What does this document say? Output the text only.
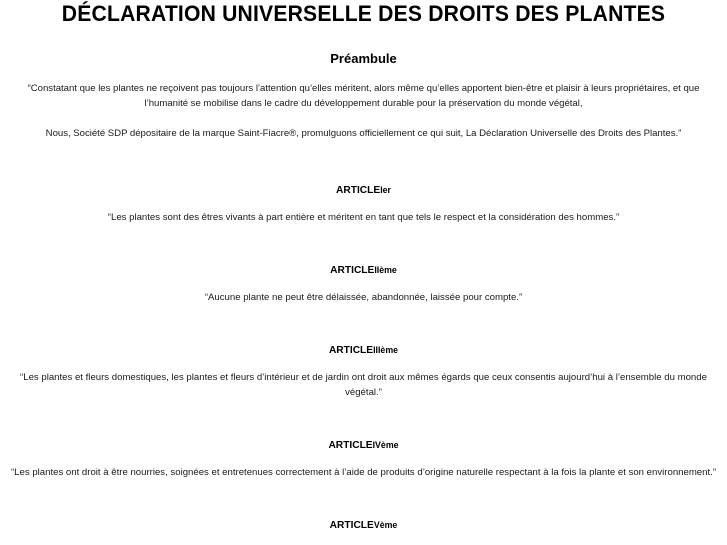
DÉCLARATION UNIVERSELLE DES DROITS DES PLANTES
Préambule

“Constatant que les plantes ne reçoivent pas toujours l’attention qu’elles méritent, alors même qu’elles apportent bien-être et plaisir à leurs propriétaires, et que l’humanité se mobilise dans le cadre du développement durable pour la préservation du monde végétal,

Nous, Société SDP dépositaire de la marque Saint-Fiacre®, promulguons officiellement ce qui suit, La Déclaration Universelle des Droits des Plantes.”

ARTICLEIer

“Les plantes sont des êtres vivants à part entière et méritent en tant que tels le respect et la considération des hommes.”

ARTICLEIIème

“Aucune plante ne peut être délaissée, abandonnée, laissée pour compte.”

ARTICLEIIIème

“Les plantes et fleurs domestiques, les plantes et fleurs d’intérieur et de jardin ont droit aux mêmes égards que ceux consentis aujourd’hui à l’ensemble du monde végétal.”

ARTICLEIVème

“Les plantes ont droit à être nourries, soignées et entretenues correctement à l’aide de produits d’origine naturelle respectant à la fois la plante et son environnement.”

ARTICLEVème
